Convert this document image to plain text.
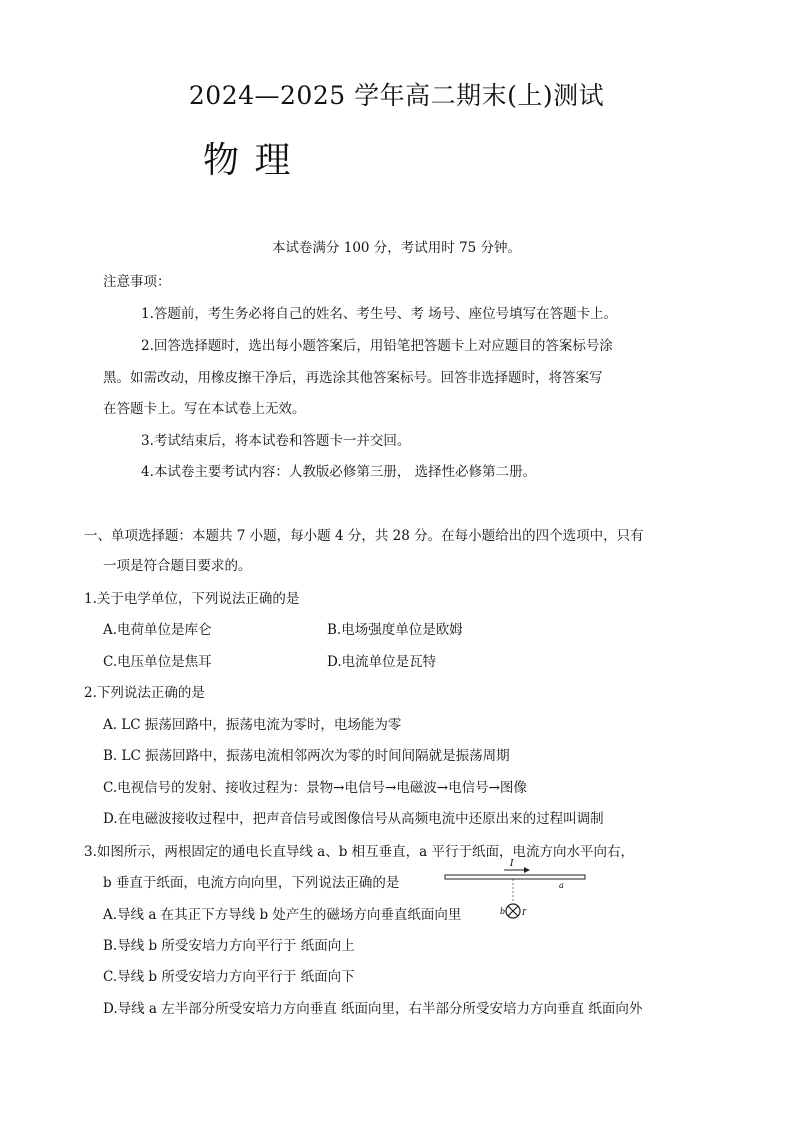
2024—2025 学年高二期末(上)测试
物 理
本试卷满分 100 分，考试用时 75 分钟。
注意事项：
1.答题前，考生务必将自己的姓名、考生号、考 场号、座位号填写在答题卡上。
2.回答选择题时，选出每小题答案后，用铅笔把答题卡上对应题目的答案标号涂
黑。如需改动，用橡皮擦干净后，再选涂其他答案标号。回答非选择题时，将答案写
在答题卡上。写在本试卷上无效。
3.考试结束后，将本试卷和答题卡一并交回。
4.本试卷主要考试内容：人教版必修第三册， 选择性必修第二册。
一、单项选择题：本题共 7 小题，每小题 4 分，共 28 分。在每小题给出的四个选项中，只有
一项是符合题目要求的。
1.关于电学单位，下列说法正确的是
A.电荷单位是库仑	B.电场强度单位是欧姆
C.电压单位是焦耳	D.电流单位是瓦特
2.下列说法正确的是
A. LC 振荡回路中，振荡电流为零时，电场能为零
B. LC 振荡回路中，振荡电流相邻两次为零的时间间隔就是振荡周期
C.电视信号的发射、接收过程为：景物→电信号→电磁波→电信号→图像
D.在电磁波接收过程中，把声音信号或图像信号从高频电流中还原出来的过程叫调制
3.如图所示，两根固定的通电长直导线 a、b 相互垂直，a 平行于纸面，电流方向水平向右，
b 垂直于纸面，电流方向向里，下列说法正确的是
A.导线 a 在其正下方导线 b 处产生的磁场方向垂直纸面向里
B.导线 b 所受安培力方向平行于 纸面向上
C.导线 b 所受安培力方向平行于 纸面向下
D.导线 a 左半部分所受安培力方向垂直 纸面向里，右半部分所受安培力方向垂直 纸面向外
I
a
b I′
